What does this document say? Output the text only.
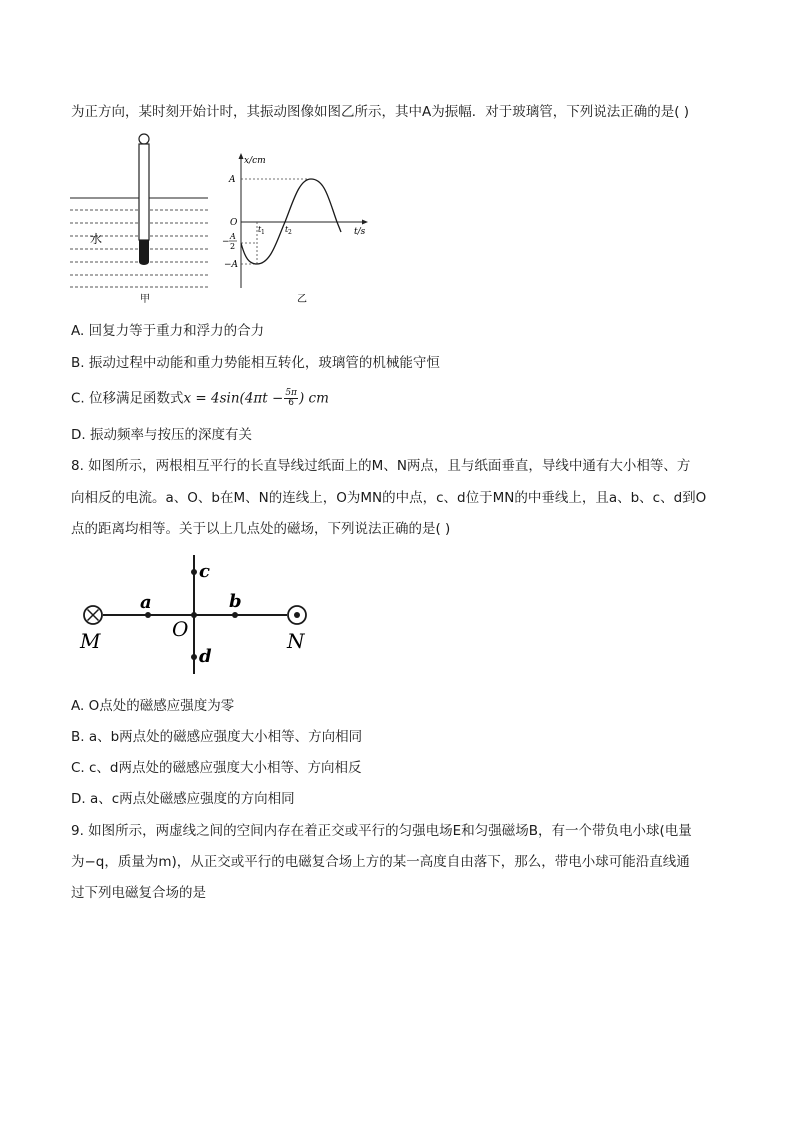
为正方向，某时刻开始计时，其振动图像如图乙所示，其中A为振幅．对于玻璃管，下列说法正确的是( )
水
甲
x/cm
t/s
O
A
−A
−
A
2
t 1	t 2
乙
A. 回复力等于重力和浮力的合力
B. 振动过程中动能和重力势能相互转化，玻璃管的机械能守恒
C. 位移满足函数式$x = 4\sin(4\pi t - \frac{5\pi}{6}$ ) cm
D. 振动频率与按压的深度有关
8. 如图所示，两根相互平行的长直导线过纸面上的M、N两点，且与纸面垂直，导线中通有大小相等、方
向相反的电流。a、O、b在M、N的连线上，O为MN的中点，c、d位于MN的中垂线上，且a、b、c、d到O
点的距离均相等。关于以上几点处的磁场，下列说法正确的是( )
M	N
a	b
c
d
O
A. O点处的磁感应强度为零
B. a、b两点处的磁感应强度大小相等、方向相同
C. c、d两点处的磁感应强度大小相等、方向相反
D. a、c两点处磁感应强度的方向相同
9. 如图所示，两虚线之间的空间内存在着正交或平行的匀强电场E和匀强磁场B，有一个带负电小球(电量
为−q，质量为m)，从正交或平行的电磁复合场上方的某一高度自由落下，那么，带电小球可能沿直线通
过下列电磁复合场的是
